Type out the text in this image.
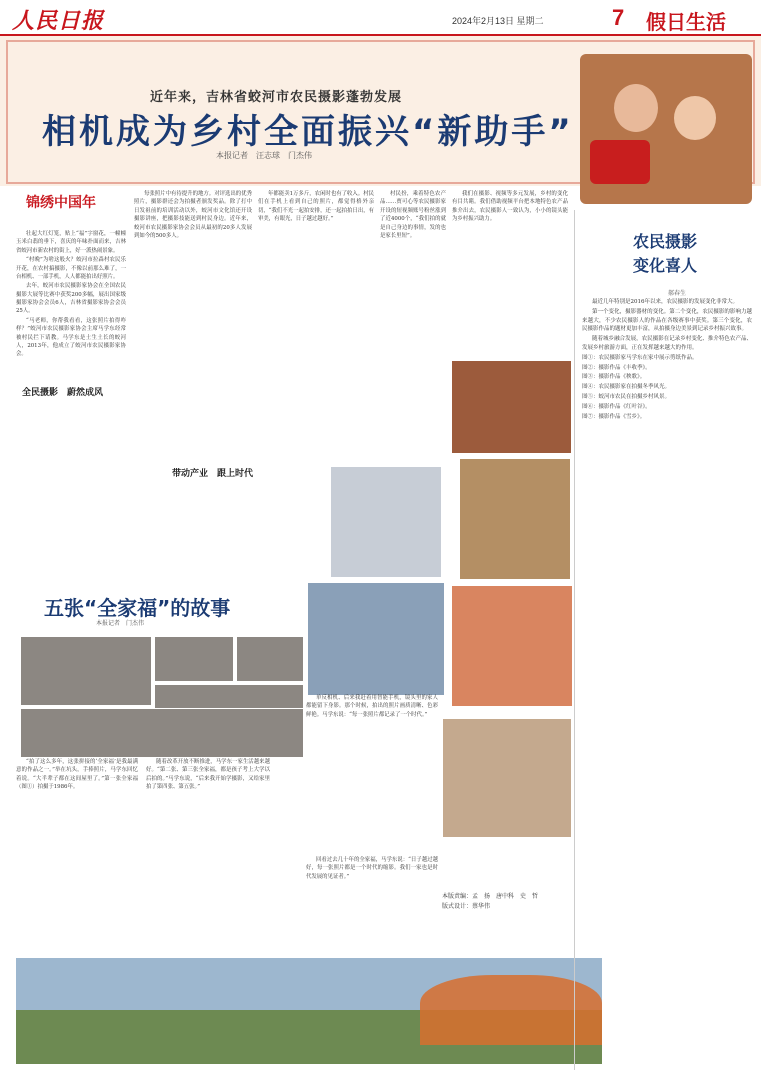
人民日报	2024年2月13日 星期二	7 假日生活
近年来，吉林省蛟河市农民摄影蓬勃发展
相机成为乡村全面振兴“新助手”
本报记者　汪志球　门杰伟
锦绣中国年

壮起大红灯笼，贴上“福”字窗花，一幢幢玉米白翡的垂下，喜庆的年味扑面而来，吉林省蛟河市新农村的街上，好一派热闹景象。

“村晚”为啥这般火？蛟河市拉森村农民乐开花，在农村搞摄影，不像以前那么难了，一台相机、一部手机，人人都能拍出好照片。

去年，蛟河市农民摄影家协会在全国农民摄影大展等比赛中获奖200多幅，展出国家级摄影家协会会员6人，吉林省摄影家协会会员25人。

“马老师，你帮我看看，这张照片拍得咋样？”蛟河市农民摄影家协会主席马学东经常被村民拦下请教。马学东是土生土长的蛟河人，2013年，他成立了蛟河市农民摄影家协会。

全民摄影　蔚然成风

每张照片中有待提升的地方。对评选出的优秀照片，摄影群还会为拍摄者颁发奖品。除了打中日发祖前的培训活动以外，蛟河市文化馆还开设摄影讲座，把摄影技能送到村民身边。近年来，蛟河市农民摄影家协会会员从最初的20多人发展到如今的500多人。

带动产业　跟上时代

年都能卖1万多斤，农闲时也有了收入。村民们在手机上看到自己的照片，都觉得格外亲切，“我们不光一起拍安排，还一起拍拍日出，有审美，有眼光，日子越过越好。”

村民扮，乘着特色农产品……贾可心等农民摄影家开设的短视频账号粉丝涨到了近4000个，“我们拍的就是自己身边的事情，发的也是家长里短”。

我们在摄影、视频等多元发展，乡村的变化有目共睹。我们借助视频平台把本地特色农产品推介出去，农民摄影人一致认为，小小的镜头能为乡村振兴助力。

五张“全家福”的故事
本报记者　门杰伟

“拍了这么多年，这张拼接的‘全家福’是我最满意的作品之一。”举在坑头，手捧照片，马学东回忆着说。“大半辈子都在这间屋里了。”第一张全家福（图①）拍摄于1986年。

随着改革开放不断推进，马学东一家生活越来越好。“第二张、第三张全家福，都是孩子考上大学以后拍的。”马学东说，“后来我开始学摄影，又给家里拍了第四张、第五张。”

单反相机、后来我赶着用智能手机，镜头里的家人都能留下身影。那个时候，拍出的照片画质清晰、色彩鲜艳。马学东说：“每一张照片都记录了一个时代。”

回看过去几十年的全家福，马学东说：“日子越过越好，每一张照片都是一个时代的缩影。我们一家也是时代发展的见证者。”

本版责编：孟　扬　唐中科　史　哲
版式设计：蔡华伟
农民摄影
变化喜人
郝春生

最近几年特别是2016年以来，农民摄影的发展变化非常大。

第一个变化，摄影器材的变化。第二个变化，农民摄影的影响力越来越大，不少农民摄影人的作品在各级赛事中获奖。第三个变化，农民摄影作品的题材更加丰富，从拍摄身边美景到记录乡村振兴故事。

随着城乡融合发展，农民摄影在记录乡村变化、推介特色农产品、发展乡村旅游方面，正在发挥越来越大的作用。

图①：农民摄影家马学东在家中展示剪纸作品。

图②：摄影作品《丰收季》。

图③：摄影作品《秧歌》。

图④：农民摄影家在拍摄冬季风光。

图⑤：蛟河市农民在拍摄乡村风景。

图⑥：摄影作品《红叶谷》。

图⑦：摄影作品《雪乡》。
